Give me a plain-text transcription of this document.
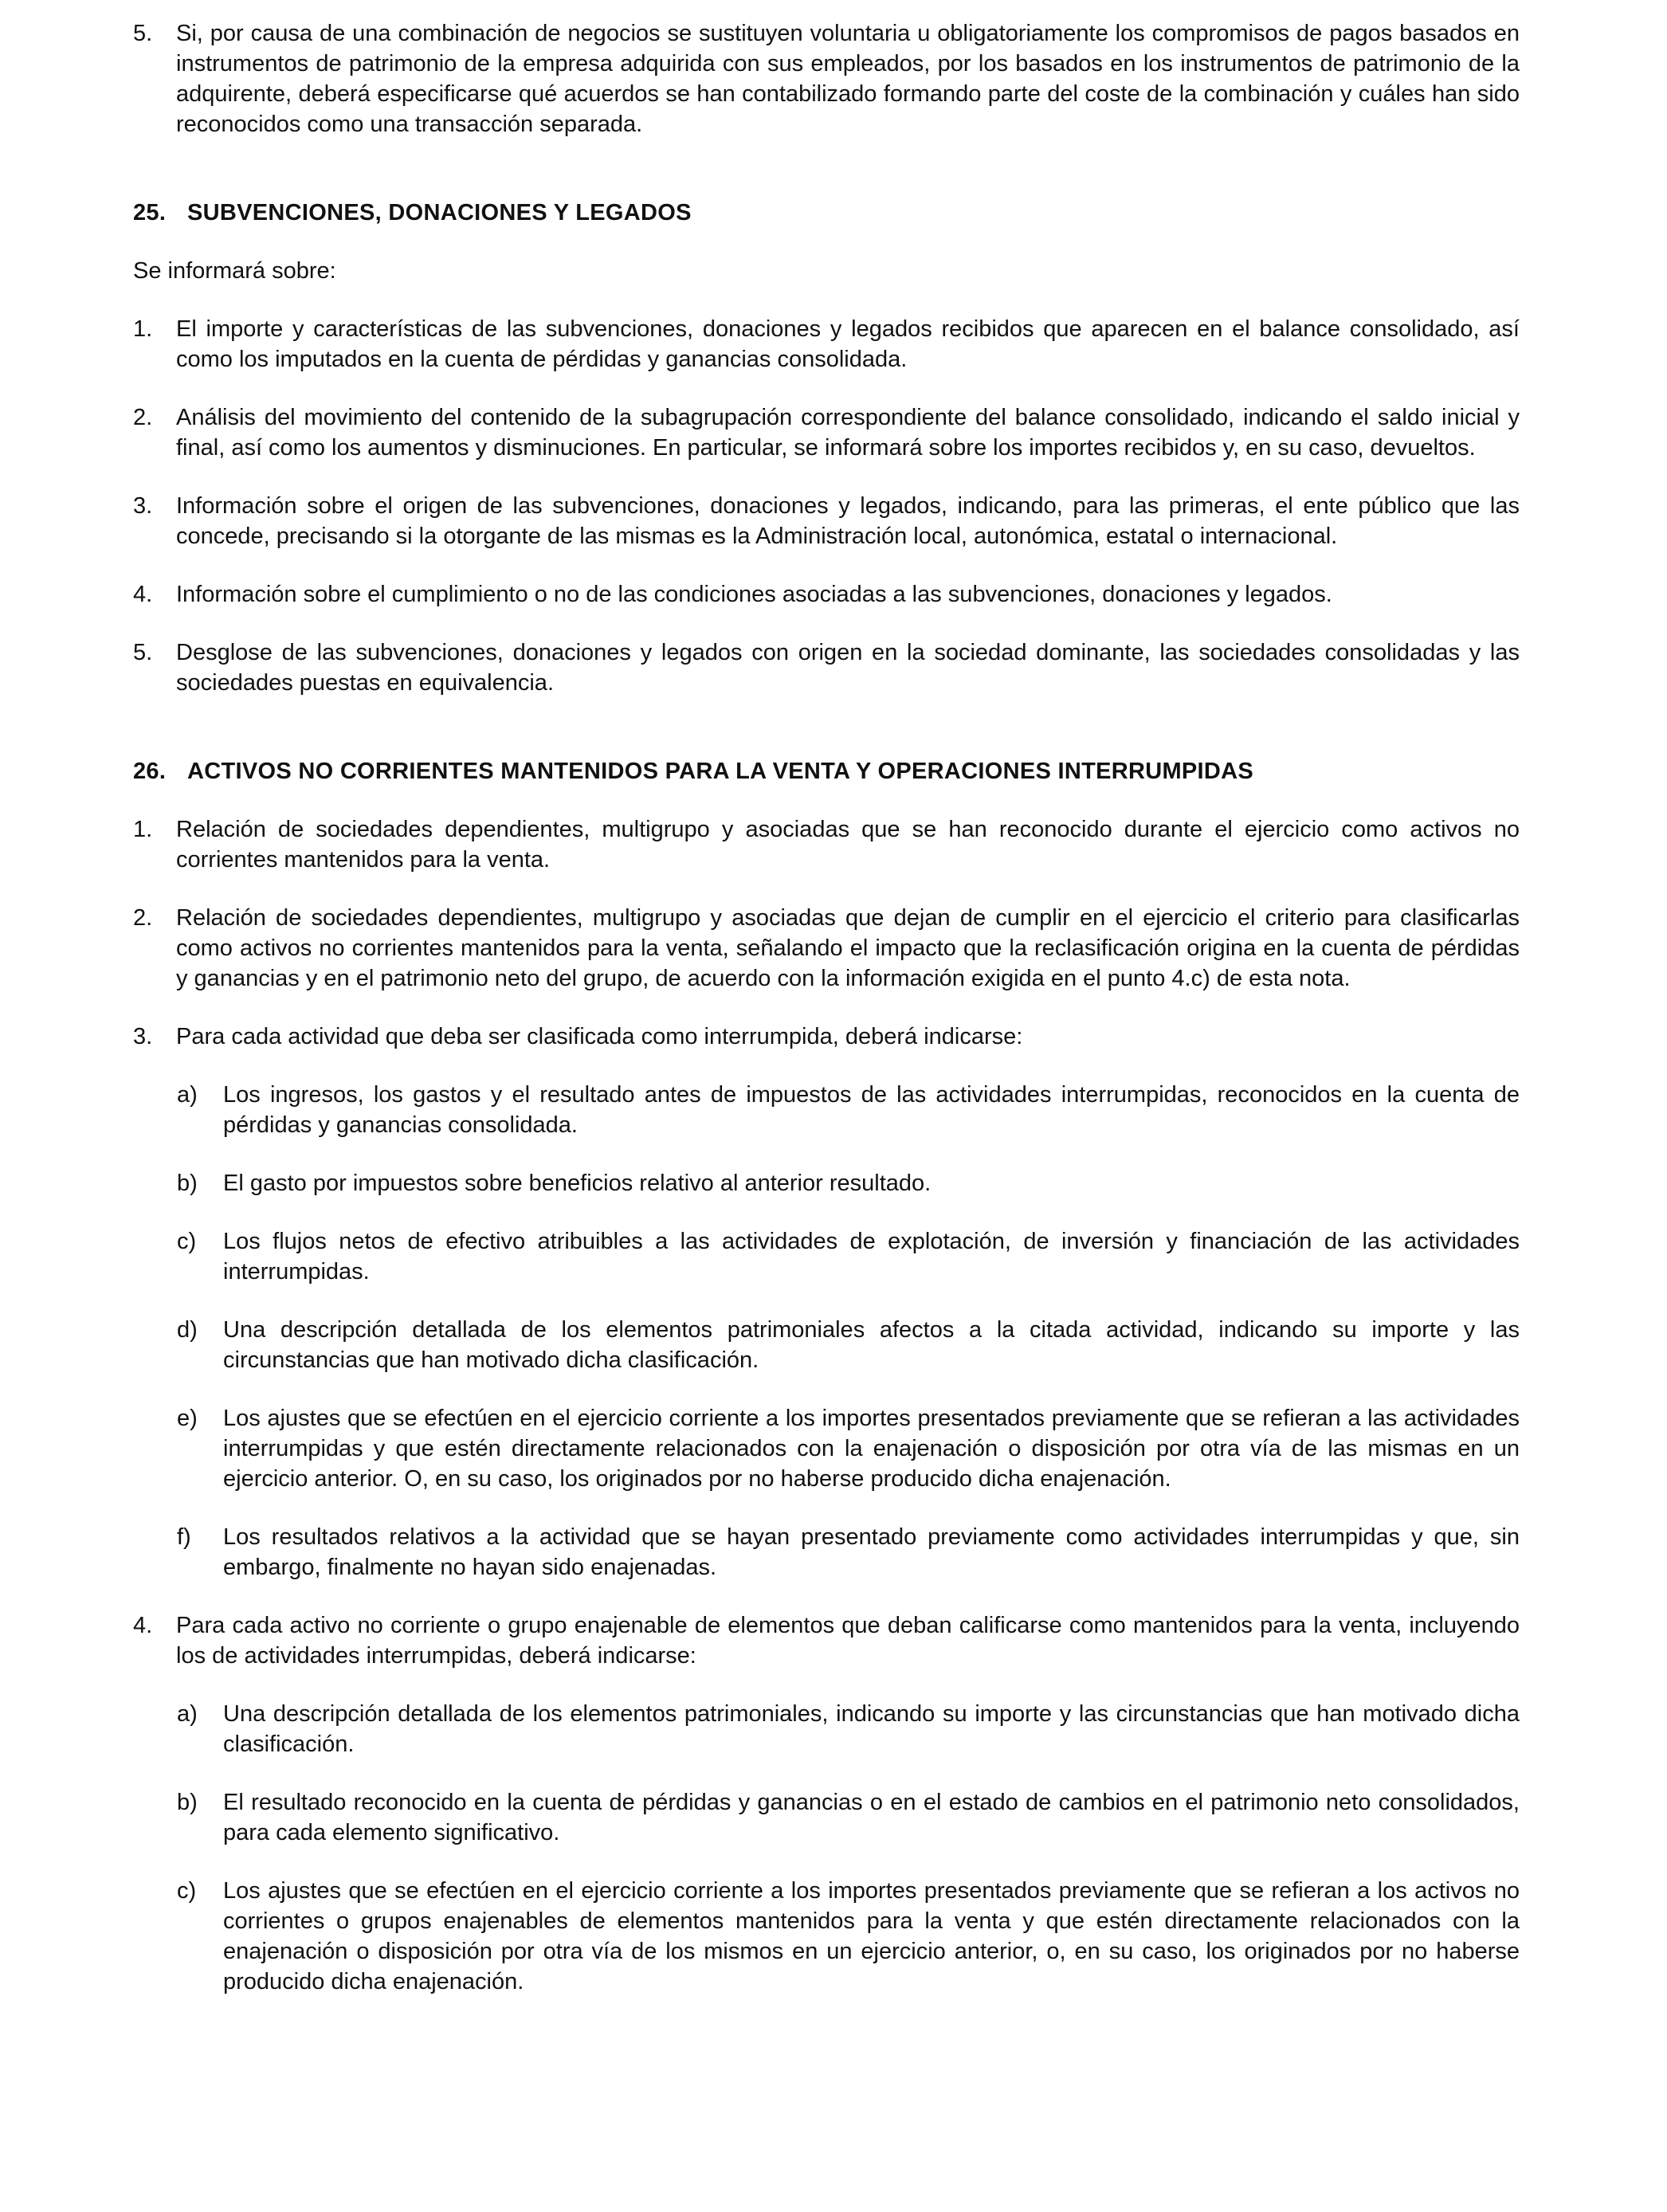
5. Si, por causa de una combinación de negocios se sustituyen voluntaria u obligatoriamente los compromisos de pagos basados en instrumentos de patrimonio de la empresa adquirida con sus empleados, por los basados en los instrumentos de patrimonio de la adquirente, deberá especificarse qué acuerdos se han contabilizado formando parte del coste de la combinación y cuáles han sido reconocidos como una transacción separada.
25. SUBVENCIONES, DONACIONES Y LEGADOS
Se informará sobre:
1. El importe y características de las subvenciones, donaciones y legados recibidos que aparecen en el balance consolidado, así como los imputados en la cuenta de pérdidas y ganancias consolidada.
2. Análisis del movimiento del contenido de la subagrupación correspondiente del balance consolidado, indicando el saldo inicial y final, así como los aumentos y disminuciones. En particular, se informará sobre los importes recibidos y, en su caso, devueltos.
3. Información sobre el origen de las subvenciones, donaciones y legados, indicando, para las primeras, el ente público que las concede, precisando si la otorgante de las mismas es la Administración local, autonómica, estatal o internacional.
4. Información sobre el cumplimiento o no de las condiciones asociadas a las subvenciones, donaciones y legados.
5. Desglose de las subvenciones, donaciones y legados con origen en la sociedad dominante, las sociedades consolidadas y las sociedades puestas en equivalencia.
26. ACTIVOS NO CORRIENTES MANTENIDOS PARA LA VENTA Y OPERACIONES INTERRUMPIDAS
1. Relación de sociedades dependientes, multigrupo y asociadas que se han reconocido durante el ejercicio como activos no corrientes mantenidos para la venta.
2. Relación de sociedades dependientes, multigrupo y asociadas que dejan de cumplir en el ejercicio el criterio para clasificarlas como activos no corrientes mantenidos para la venta, señalando el impacto que la reclasificación origina en la cuenta de pérdidas y ganancias y en el patrimonio neto del grupo, de acuerdo con la información exigida en el punto 4.c) de esta nota.
3. Para cada actividad que deba ser clasificada como interrumpida, deberá indicarse:
a) Los ingresos, los gastos y el resultado antes de impuestos de las actividades interrumpidas, reconocidos en la cuenta de pérdidas y ganancias consolidada.
b) El gasto por impuestos sobre beneficios relativo al anterior resultado.
c) Los flujos netos de efectivo atribuibles a las actividades de explotación, de inversión y financiación de las actividades interrumpidas.
d) Una descripción detallada de los elementos patrimoniales afectos a la citada actividad, indicando su importe y las circunstancias que han motivado dicha clasificación.
e) Los ajustes que se efectúen en el ejercicio corriente a los importes presentados previamente que se refieran a las actividades interrumpidas y que estén directamente relacionados con la enajenación o disposición por otra vía de las mismas en un ejercicio anterior. O, en su caso, los originados por no haberse producido dicha enajenación.
f) Los resultados relativos a la actividad que se hayan presentado previamente como actividades interrumpidas y que, sin embargo, finalmente no hayan sido enajenadas.
4. Para cada activo no corriente o grupo enajenable de elementos que deban calificarse como mantenidos para la venta, incluyendo los de actividades interrumpidas, deberá indicarse:
a) Una descripción detallada de los elementos patrimoniales, indicando su importe y las circunstancias que han motivado dicha clasificación.
b) El resultado reconocido en la cuenta de pérdidas y ganancias o en el estado de cambios en el patrimonio neto consolidados, para cada elemento significativo.
c) Los ajustes que se efectúen en el ejercicio corriente a los importes presentados previamente que se refieran a los activos no corrientes o grupos enajenables de elementos mantenidos para la venta y que estén directamente relacionados con la enajenación o disposición por otra vía de los mismos en un ejercicio anterior, o, en su caso, los originados por no haberse producido dicha enajenación.
